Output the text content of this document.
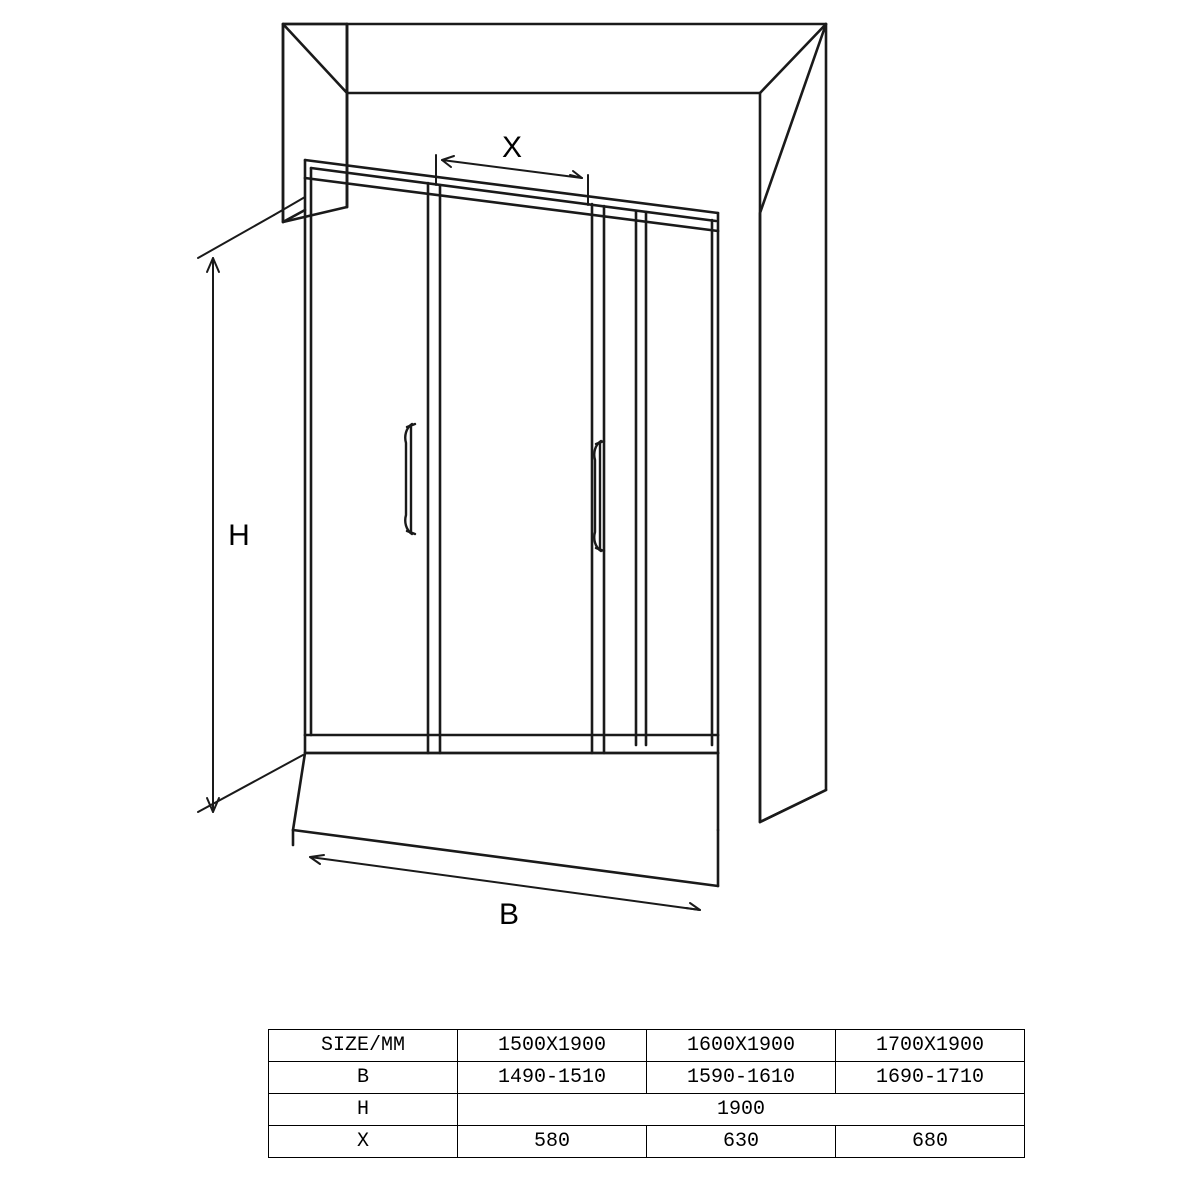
X
H
B
SIZE/MM	1500X1900	1600X1900	1700X1900
B	1490-1510	1590-1610	1690-1710
H	1900		
X	580	630	680
